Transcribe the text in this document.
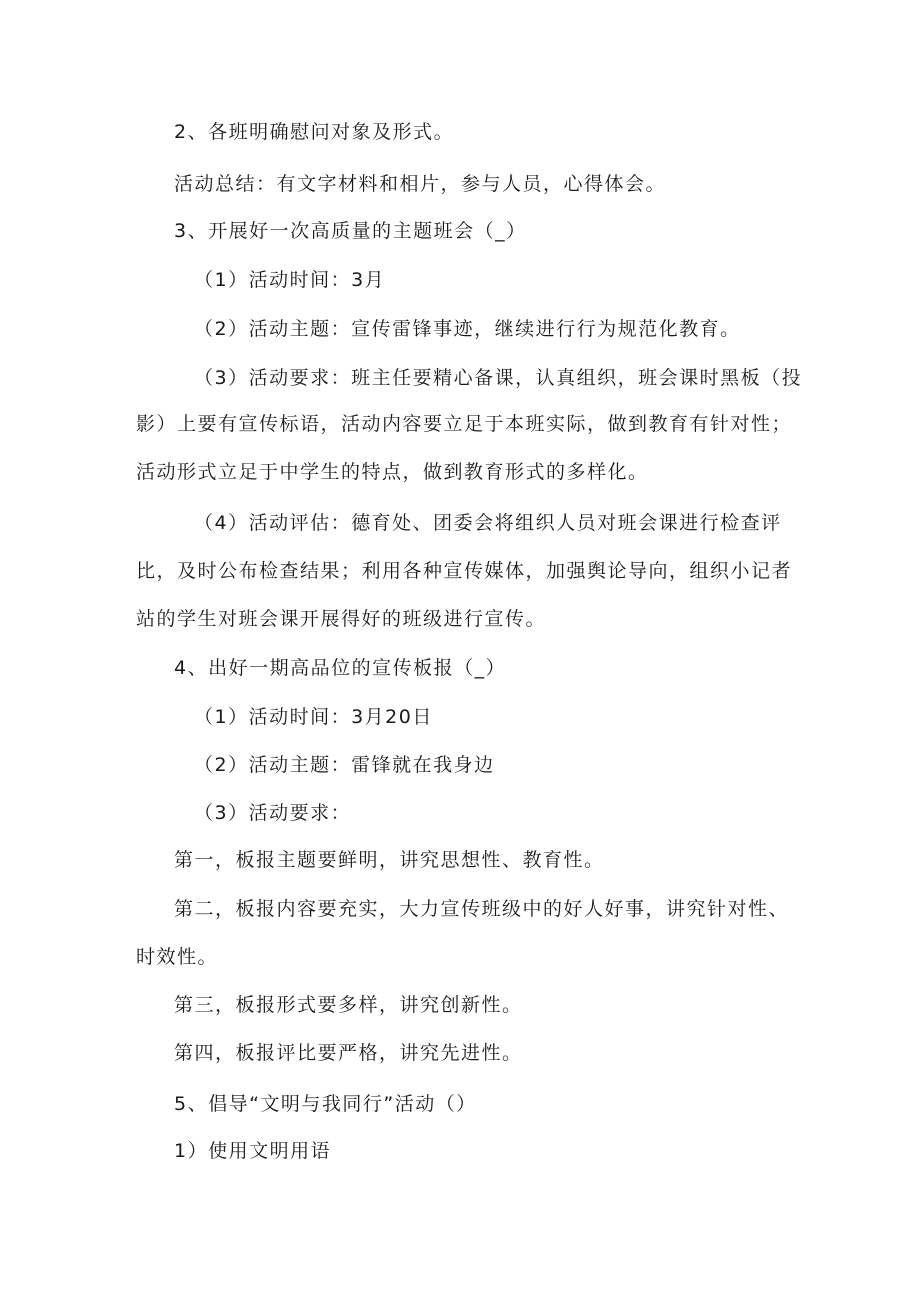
2、各班明确慰问对象及形式。
活动总结：有文字材料和相片，参与人员，心得体会。
3、开展好一次高质量的主题班会（_）
（1）活动时间：3月
（2）活动主题：宣传雷锋事迹，继续进行行为规范化教育。
（3）活动要求：班主任要精心备课，认真组织，班会课时黑板（投
影）上要有宣传标语，活动内容要立足于本班实际，做到教育有针对性；
活动形式立足于中学生的特点，做到教育形式的多样化。
（4）活动评估：德育处、团委会将组织人员对班会课进行检查评
比，及时公布检查结果；利用各种宣传媒体，加强舆论导向，组织小记者
站的学生对班会课开展得好的班级进行宣传。
4、出好一期高品位的宣传板报（_）
（1）活动时间：3月20日
（2）活动主题：雷锋就在我身边
（3）活动要求：
第一，板报主题要鲜明，讲究思想性、教育性。
第二，板报内容要充实，大力宣传班级中的好人好事，讲究针对性、
时效性。
第三，板报形式要多样，讲究创新性。
第四，板报评比要严格，讲究先进性。
5、倡导“文明与我同行”活动（）
1）使用文明用语
